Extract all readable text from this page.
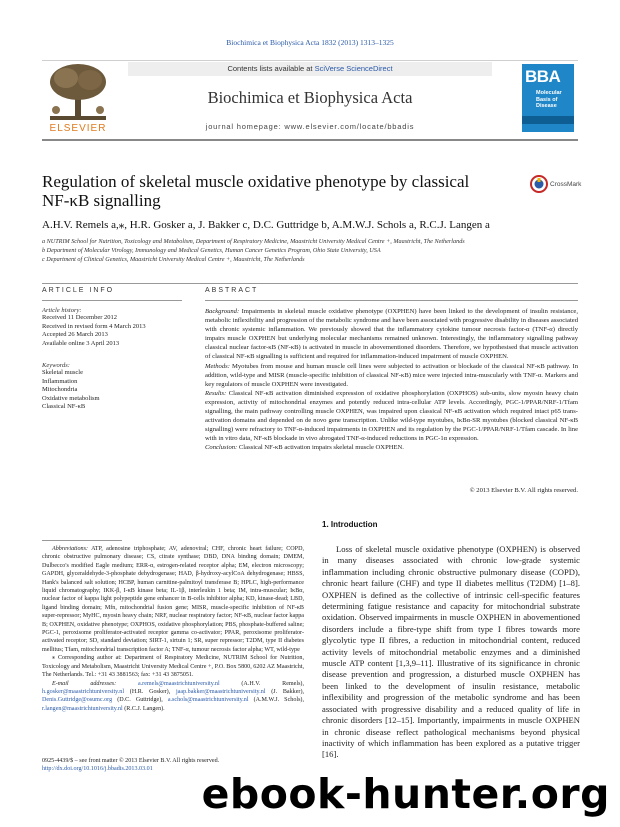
Biochimica et Biophysica Acta 1832 (2013) 1313–1325
ELSEVIER
Contents lists available at SciVerse ScienceDirect
Biochimica et Biophysica Acta
journal homepage: www.elsevier.com/locate/bbadis
BBA
Molecular Basis of Disease
Regulation of skeletal muscle oxidative phenotype by classical
NF-κB signalling
CrossMark
A.H.V. Remels a,⁎, H.R. Gosker a, J. Bakker c, D.C. Guttridge b, A.M.W.J. Schols a, R.C.J. Langen a
a NUTRIM School for Nutrition, Toxicology and Metabolism, Department of Respiratory Medicine, Maastricht University Medical Centre +, Maastricht, The Netherlands
b Department of Molecular Virology, Immunology and Medical Genetics, Human Cancer Genetics Program, Ohio State University, USA
c Department of Clinical Genetics, Maastricht University Medical Centre +, Maastricht, The Netherlands
ARTICLE INFO	ABSTRACT
Article history:
Received 11 December 2012
Received in revised form 4 March 2013
Accepted 26 March 2013
Available online 3 April 2013
Keywords:
Skeletal muscle
Inflammation
Mitochondria
Oxidative metabolism
Classical NF-κB

Background: Impairments in skeletal muscle oxidative phenotype (OXPHEN) have been linked to the development of insulin resistance, metabolic inflexibility and progression of the metabolic syndrome and have been associated with progressive disability in diseases associated with chronic systemic inflammation. We previously showed that the inflammatory cytokine tumour necrosis factor-α (TNF-α) directly impairs muscle OXPHEN but underlying molecular mechanisms remained unknown. Interestingly, the inflammatory signalling pathway classical nuclear factor-κB (NF-κB) is activated in muscle in abovementioned disorders. Therefore, we hypothesised that muscle activation of classical NF-κB signalling is sufficient and required for inflammation-induced impairment of muscle OXPHEN.

Methods: Myotubes from mouse and human muscle cell lines were subjected to activation or blockade of the classical NF-κB pathway. In addition, wild-type and MISR (muscle-specific inhibition of classical NF-κB) mice were injected intra-muscularly with TNF-α. Markers and key regulators of muscle OXPHEN were investigated.

Results: Classical NF-κB activation diminished expression of oxidative phosphorylation (OXPHOS) sub-units, slow myosin heavy chain expression, activity of mitochondrial enzymes and potently reduced intra-cellular ATP levels. Accordingly, PGC-1/PPAR/NRF-1/Tfam signalling, the main pathway controlling muscle OXPHEN, was impaired upon classical NF-κB activation which required intact p65 trans-activation domains and depended on de novo gene transcription. Unlike wild-type myotubes, IκBα-SR myotubes (blocked classical NF-κB signalling) were refractory to TNF-α-induced impairments in OXPHEN and its regulation by the PGC-1/PPAR/NRF-1/Tfam cascade. In line with in vitro data, NF-κB blockade in vivo abrogated TNF-α-induced reductions in PGC-1α expression.

Conclusion: Classical NF-κB activation impairs skeletal muscle OXPHEN.

© 2013 Elsevier B.V. All rights reserved.
1. Introduction
Loss of skeletal muscle oxidative phenotype (OXPHEN) is observed in many diseases associated with chronic low-grade systemic inflammation including chronic obstructive pulmonary disease (COPD), chronic heart failure (CHF) and type II diabetes mellitus (T2DM) [1–8]. OXPHEN is defined as the collective of intrinsic cell-specific features determining fatigue resistance and capacity for mitochondrial substrate oxidation. Observed impairments in muscle OXPHEN in abovementioned disorders include a fibre-type shift from type I fibres towards more glycolytic type II fibres, a reduction in mitochondrial content, reduced activity levels of mitochondrial metabolic enzymes and a diminished muscle ATP content [1,3,9–11]. Illustrative of its significance in chronic disease prevention and progression, a disturbed muscle OXPHEN has been linked to the development of insulin resistance, metabolic inflexibility and progression of the metabolic syndrome and has been associated with progressive disability and a reduced quality of life in chronic disorders [12–15]. Importantly, impairments in muscle OXPHEN in chronic disease reflect pathological mechanisms beyond physical inactivity of which inflammation has been explored as a putative trigger [16].

Abbreviations: ATP, adenosine triphosphate; AV, adenoviral; CHF, chronic heart failure; COPD, chronic obstructive pulmonary disease; CS, citrate synthase; DBD, DNA binding domain; DMEM, Dulbecco's modified Eagle medium; ERR-α, estrogen-related receptor alpha; EM, electron microscopy; GAPDH, glyceraldehyde-3-phosphate dehydrogenase; HAD, β-hydroxy-acylCoA dehydrogenase; HBSS, Hank's balanced salt solution; HCBP, human carnitine-palmitoyl transferase B; HPLC, high-performance liquid chromatography; IKK-β, I-κB kinase beta; IL-1β, interleukin 1 beta; IM, intra-muscular; IκBα, nuclear factor of kappa light polypeptide gene enhancer in B-cells inhibitor alpha; KD, kinase-dead; LBD, ligand binding domain; Mfn, mitochondrial fusion gene; MISR, muscle-specific inhibition of NF-κB super-repressor; MyHC, myosin heavy chain; NRF, nuclear respiratory factor; NF-κB, nuclear factor kappa B; OXPHEN, oxidative phenotype; OXPHOS, oxidative phosphorylation; PBS, phosphate-buffered saline; PGC-1, peroxisome proliferator-activated receptor gamma co-activator; PPAR, peroxisome proliferator-activated receptor; SD, standard deviation; SIRT-1, sirtuin 1; SR, super repressor; T2DM, type II diabetes mellitus; Tfam, mitochondrial transcription factor A; TNF-α, tumour necrosis factor alpha; WT, wild-type

⁎ Corresponding author at: Department of Respiratory Medicine, NUTRIM School for Nutrition, Toxicology and Metabolism, Maastricht University Medical Centre +, P.O. Box 5800, 6202 AZ Maastricht, The Netherlands. Tel.: +31 43 3881563; fax: +31 43 3875051.

E-mail addresses:	a.remels@maastrichtuniversity.nl (A.H.V. Remels), h.gosker@maastrichtuniversity.nl (H.R. Gosker), jaap.bakker@maastrichtuniversity.nl (J. Bakker), Denis.Guttridge@osumc.org (D.C. Guttridge), a.schols@maastrichtuniversity.nl (A.M.W.J. Schols), r.langen@maastrichtuniversity.nl (R.C.J. Langen).

0925-4439/$ – see front matter © 2013 Elsevier B.V. All rights reserved.
http://dx.doi.org/10.1016/j.bbadis.2013.03.01
ebook-hunter.org
